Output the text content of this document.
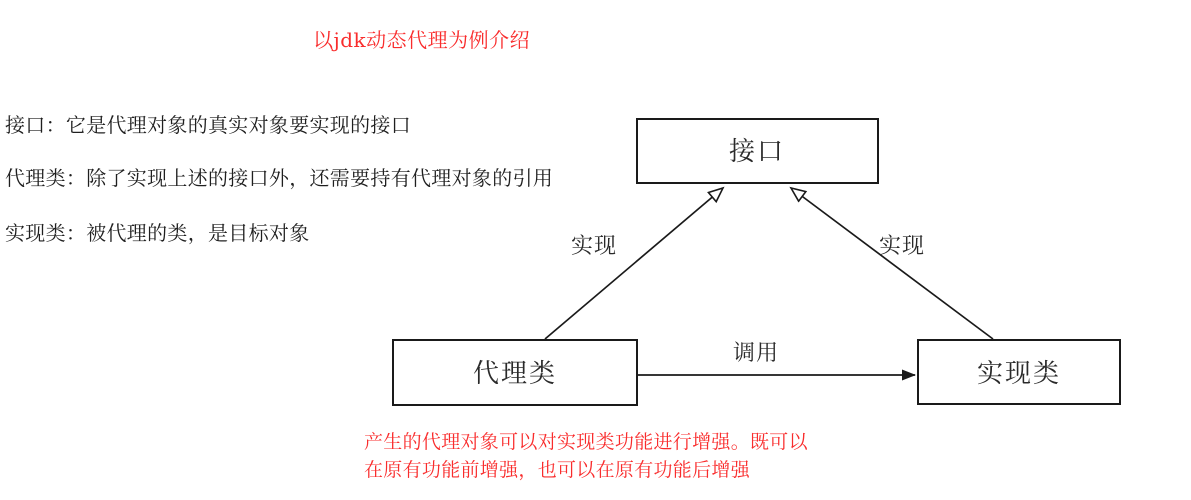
以jdk动态代理为例介绍
接口：它是代理对象的真实对象要实现的接口
代理类：除了实现上述的接口外，还需要持有代理对象的引用
实现类：被代理的类，是目标对象
接口
代理类	实现类
实现	实现
调用
产生的代理对象可以对实现类功能进行增强。既可以
在原有功能前增强，也可以在原有功能后增强
